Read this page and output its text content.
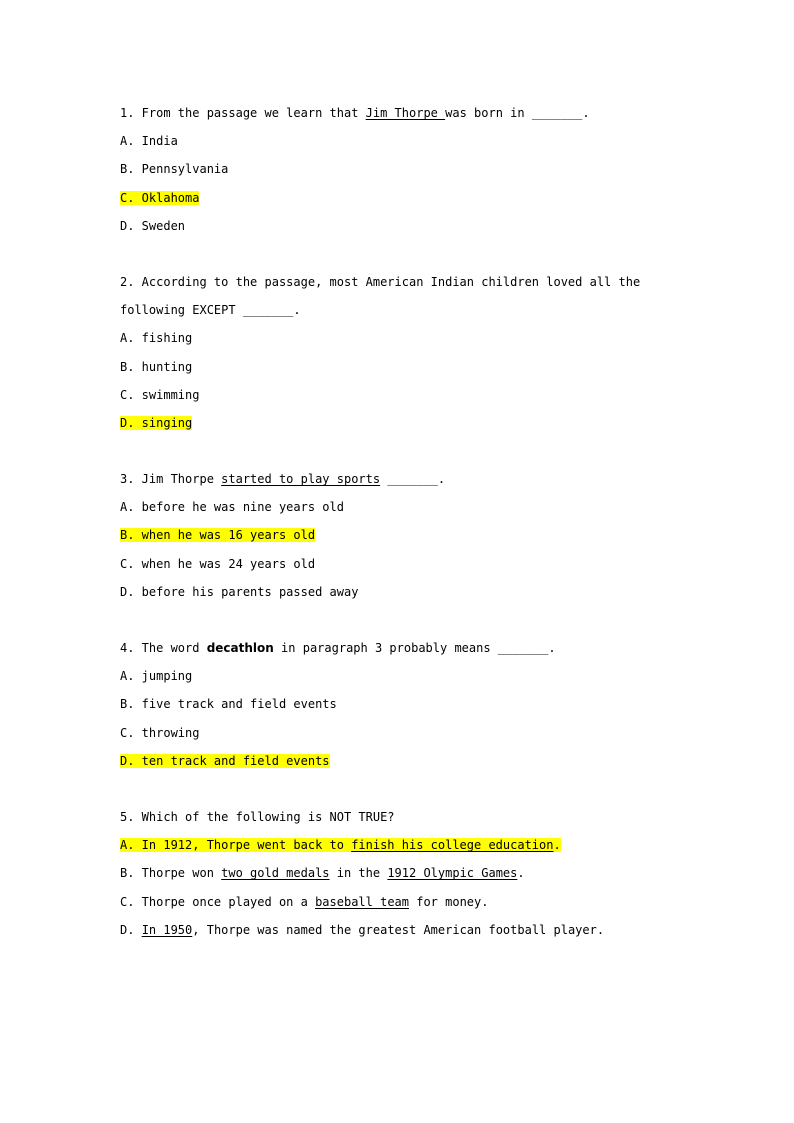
1. From the passage we learn that Jim Thorpe was born in _______.
A. India
B. Pennsylvania
C. Oklahoma
D. Sweden
2. According to the passage, most American Indian children loved all the
following EXCEPT _______.
A. fishing
B. hunting
C. swimming
D. singing
3. Jim Thorpe started to play sports _______.
A. before he was nine years old
B. when he was 16 years old
C. when he was 24 years old
D. before his parents passed away
4. The word decathlon in paragraph 3 probably means _______.
A. jumping
B. five track and field events
C. throwing
D. ten track and field events
5. Which of the following is NOT TRUE?
A. In 1912, Thorpe went back to finish his college education.
B. Thorpe won two gold medals in the 1912 Olympic Games.
C. Thorpe once played on a baseball team for money.
D. In 1950, Thorpe was named the greatest American football player.
